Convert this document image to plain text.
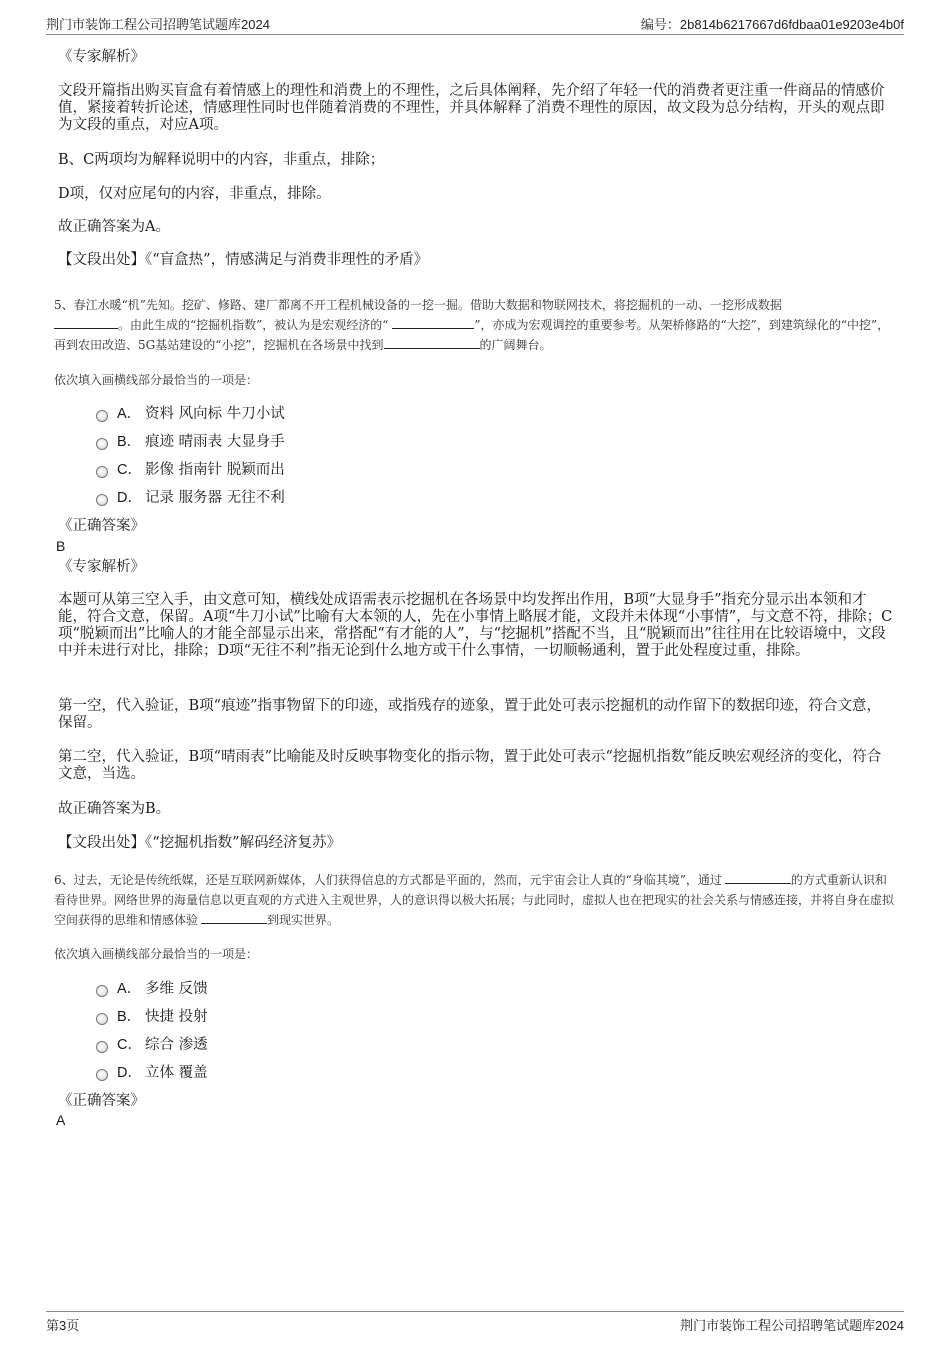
荆门市装饰工程公司招聘笔试题库2024	编号：2b814b6217667d6fdbaa01e9203e4b0f

《专家解析》

文段开篇指出购买盲盒有着情感上的理性和消费上的不理性，之后具体阐释，先介绍了年轻一代的消费者更注重一件商品的情感价值，紧接着转折论述，情感理性同时也伴随着消费的不理性，并具体解释了消费不理性的原因，故文段为总分结构，开头的观点即为文段的重点，对应A项。

B、C两项均为解释说明中的内容，非重点，排除；

D项，仅对应尾句的内容，非重点，排除。

故正确答案为A。

【文段出处】《“盲盒热”，情感满足与消费非理性的矛盾》

5、春江水暖“机”先知。挖矿、修路、建厂都离不开工程机械设备的一挖一掘。借助大数据和物联网技术，将挖掘机的一动、一挖形成数据
。由此生成的“挖掘机指数”，被认为是宏观经济的“	”，亦成为宏观调控的重要参考。从架桥修路的“大挖”，到建筑绿化的“中挖”，再到农田改造、5G基站建设的“小挖”，挖掘机在各场景中找到	的广阔舞台。

依次填入画横线部分最恰当的一项是：

A． 资料 风向标 牛刀小试
B． 痕迹 晴雨表 大显身手
C． 影像 指南针 脱颖而出
D． 记录 服务器 无往不利

《正确答案》

B

《专家解析》

本题可从第三空入手，由文意可知，横线处成语需表示挖掘机在各场景中均发挥出作用，B项“大显身手”指充分显示出本领和才能，符合文意，保留。A项“牛刀小试”比喻有大本领的人，先在小事情上略展才能，文段并未体现“小事情”，与文意不符，排除；C项“脱颖而出”比喻人的才能全部显示出来，常搭配“有才能的人”，与“挖掘机”搭配不当，且“脱颖而出”往往用在比较语境中，文段中并未进行对比，排除；D项“无往不利”指无论到什么地方或干什么事情，一切顺畅通利，置于此处程度过重，排除。

第一空，代入验证，B项“痕迹”指事物留下的印迹，或指残存的迹象，置于此处可表示挖掘机的动作留下的数据印迹，符合文意，保留。

第二空，代入验证，B项“晴雨表”比喻能及时反映事物变化的指示物，置于此处可表示“挖掘机指数”能反映宏观经济的变化，符合文意，当选。

故正确答案为B。

【文段出处】《“挖掘机指数”解码经济复苏》

6、过去，无论是传统纸媒，还是互联网新媒体，人们获得信息的方式都是平面的，然而，元宇宙会让人真的“身临其境”，通过	的方式重新认识和看待世界。网络世界的海量信息以更直观的方式进入主观世界，人的意识得以极大拓展；与此同时，虚拟人也在把现实的社会关系与情感连接，并将自身在虚拟空间获得的思维和情感体验	到现实世界。

依次填入画横线部分最恰当的一项是：

A． 多维 反馈
B． 快捷 投射
C． 综合 渗透
D． 立体 覆盖

《正确答案》

A
第3页	荆门市装饰工程公司招聘笔试题库2024
